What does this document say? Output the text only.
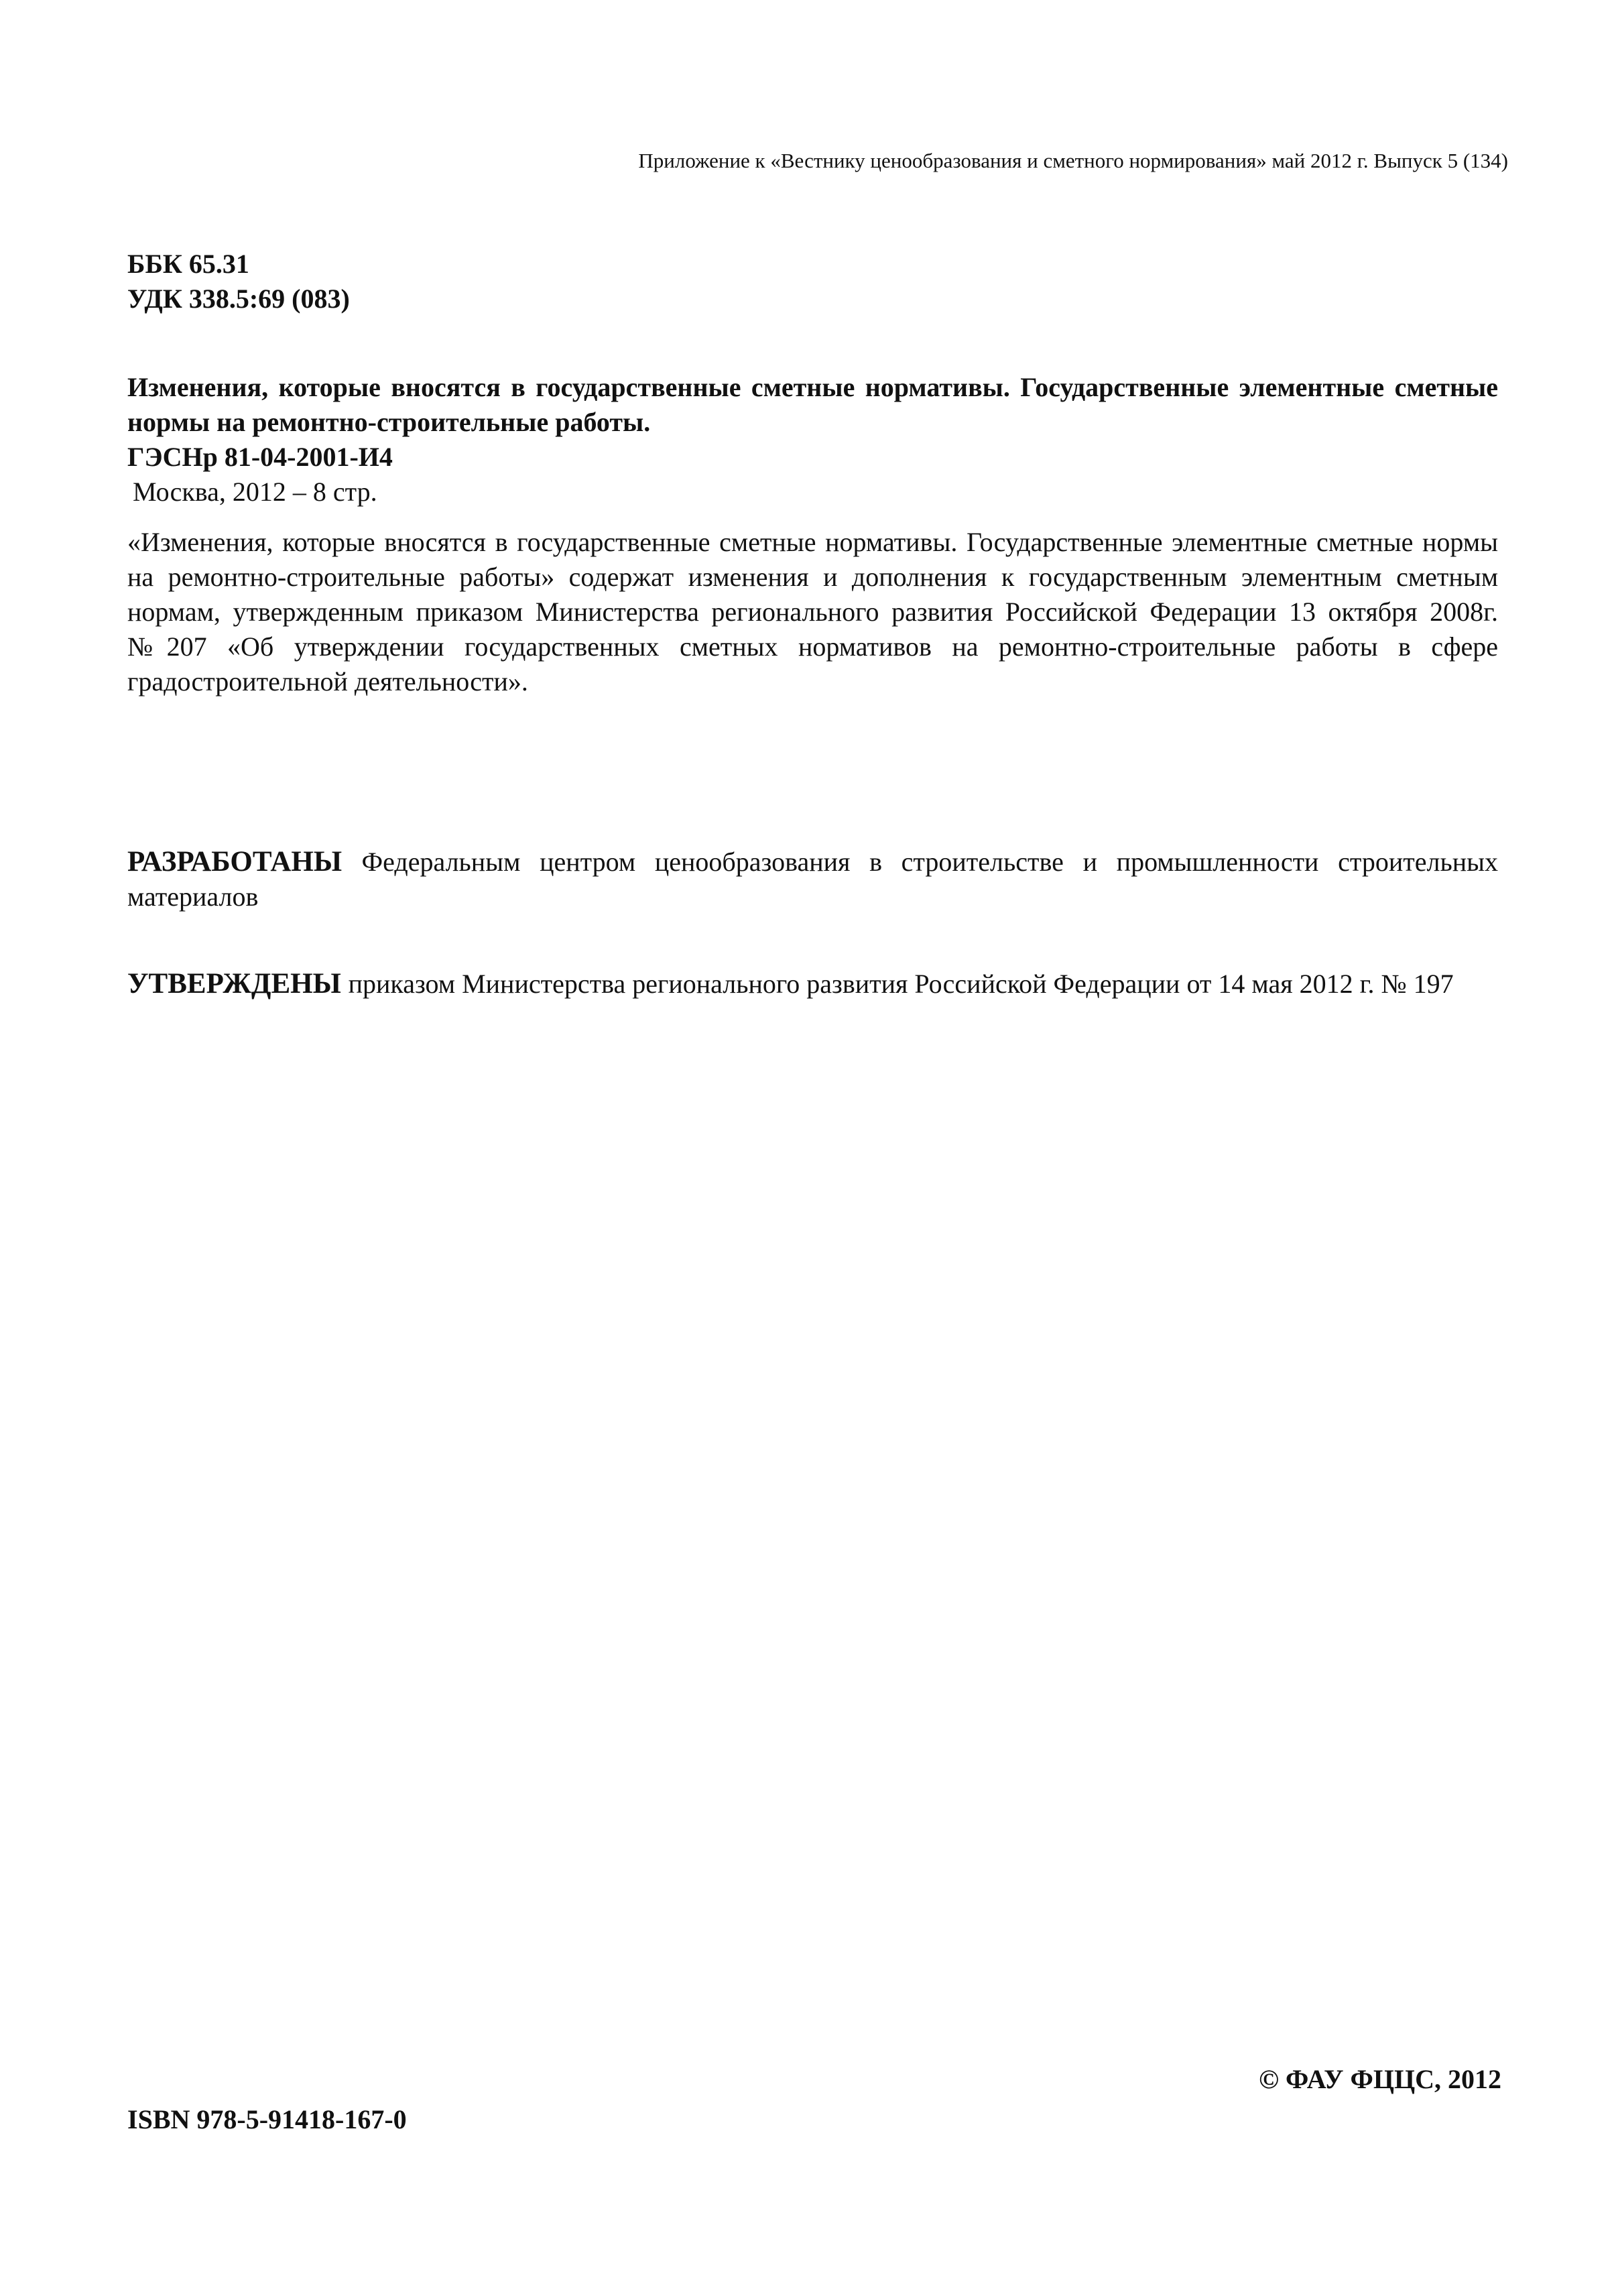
Приложение к «Вестнику ценообразования и сметного нормирования» май 2012 г. Выпуск 5 (134)
ББК 65.31
УДК 338.5:69 (083)
Изменения, которые вносятся в государственные сметные нормативы. Государственные элементные сметные нормы на ремонтно-строительные работы.
ГЭСНр 81-04-2001-И4
Москва, 2012 – 8 стр.
«Изменения, которые вносятся в государственные сметные нормативы. Государственные элементные сметные нормы на ремонтно-строительные работы» содержат изменения и дополнения к государственным элементным сметным нормам, утвержденным приказом Министерства регионального развития Российской Федерации 13 октября 2008г. №207 «Об утверждении государственных сметных нормативов на ремонтно-строительные работы в сфере градостроительной деятельности».
РАЗРАБОТАНЫ Федеральным центром ценообразования в строительстве и промышленности строительных материалов
УТВЕРЖДЕНЫ приказом Министерства регионального развития Российской Федерации от 14 мая 2012 г. № 197
© ФАУ ФЦЦС, 2012
ISBN 978-5-91418-167-0
